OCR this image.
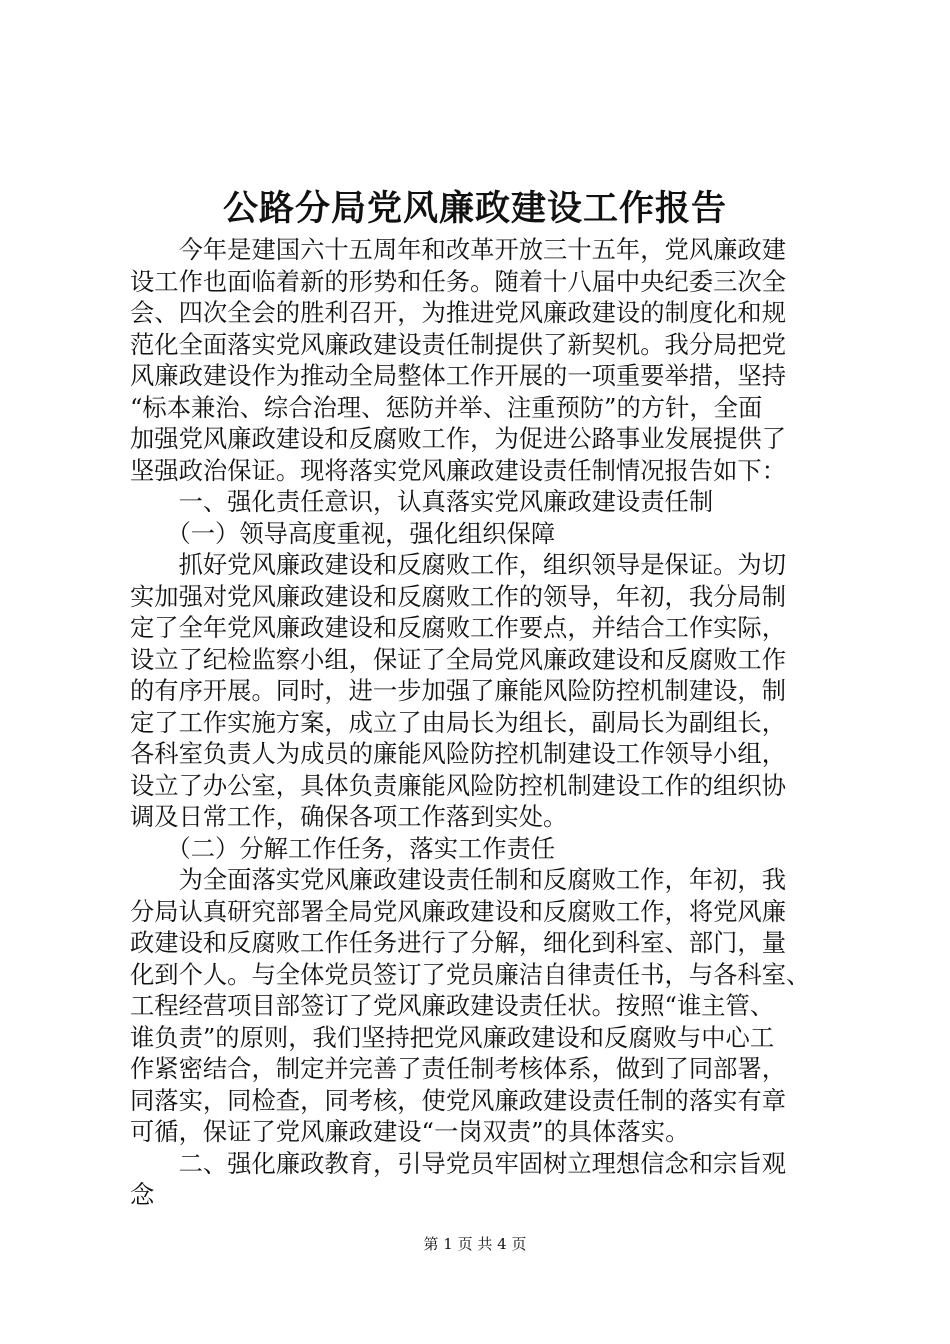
公路分局党风廉政建设工作报告
　　今年是建国六十五周年和改革开放三十五年，党风廉政建
设工作也面临着新的形势和任务。随着十八届中央纪委三次全
会、四次全会的胜利召开，为推进党风廉政建设的制度化和规
范化全面落实党风廉政建设责任制提供了新契机。我分局把党
风廉政建设作为推动全局整体工作开展的一项重要举措，坚持
“标本兼治、综合治理、惩防并举、注重预防”的方针，全面
加强党风廉政建设和反腐败工作，为促进公路事业发展提供了
坚强政治保证。现将落实党风廉政建设责任制情况报告如下：
　　一、强化责任意识，认真落实党风廉政建设责任制
　　（一）领导高度重视，强化组织保障
　　抓好党风廉政建设和反腐败工作，组织领导是保证。为切
实加强对党风廉政建设和反腐败工作的领导，年初，我分局制
定了全年党风廉政建设和反腐败工作要点，并结合工作实际，
设立了纪检监察小组，保证了全局党风廉政建设和反腐败工作
的有序开展。同时，进一步加强了廉能风险防控机制建设，制
定了工作实施方案，成立了由局长为组长，副局长为副组长，
各科室负责人为成员的廉能风险防控机制建设工作领导小组，
设立了办公室，具体负责廉能风险防控机制建设工作的组织协
调及日常工作，确保各项工作落到实处。
　　（二）分解工作任务，落实工作责任
　　为全面落实党风廉政建设责任制和反腐败工作，年初，我
分局认真研究部署全局党风廉政建设和反腐败工作，将党风廉
政建设和反腐败工作任务进行了分解，细化到科室、部门，量
化到个人。与全体党员签订了党员廉洁自律责任书，与各科室、
工程经营项目部签订了党风廉政建设责任状。按照“谁主管、
谁负责”的原则，我们坚持把党风廉政建设和反腐败与中心工
作紧密结合，制定并完善了责任制考核体系，做到了同部署，
同落实，同检查，同考核，使党风廉政建设责任制的落实有章
可循，保证了党风廉政建设“一岗双责”的具体落实。
　　二、强化廉政教育，引导党员牢固树立理想信念和宗旨观
念
第 1 页 共 4 页
